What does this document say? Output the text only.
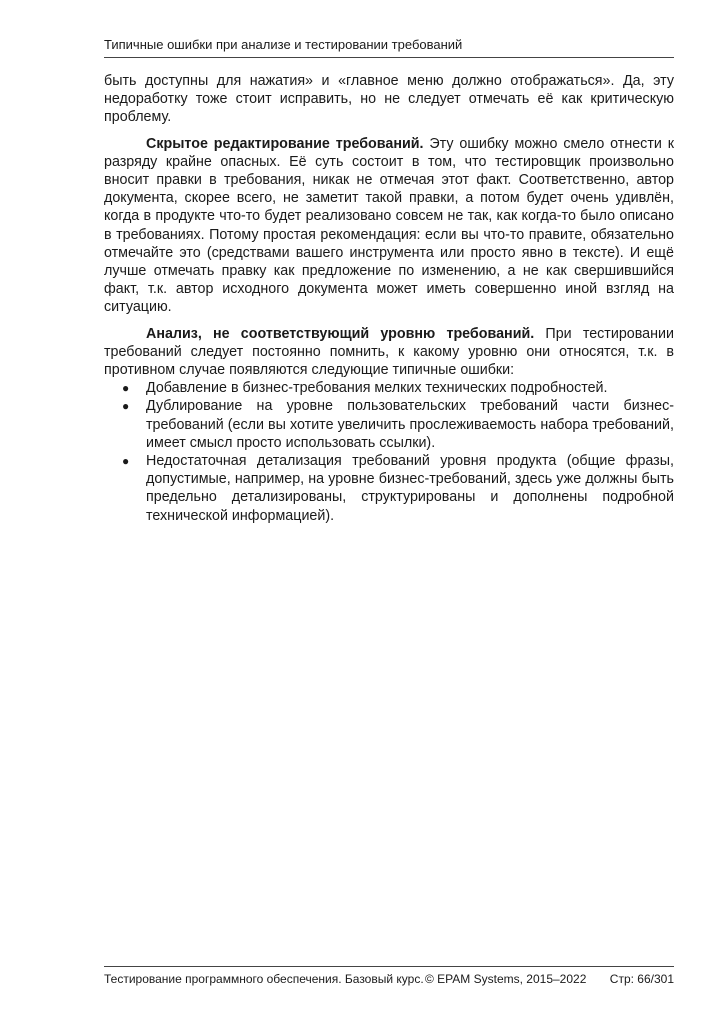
Типичные ошибки при анализе и тестировании требований

быть доступны для нажатия» и «главное меню должно отображаться». Да, эту недоработку тоже стоит исправить, но не следует отмечать её как критическую проблему.

Скрытое редактирование требований. Эту ошибку можно смело отнести к разряду крайне опасных. Её суть состоит в том, что тестировщик произвольно вносит правки в требования, никак не отмечая этот факт. Соответственно, автор документа, скорее всего, не заметит такой правки, а потом будет очень удивлён, когда в продукте что-то будет реализовано совсем не так, как когда-то было описано в требованиях. Потому простая рекомендация: если вы что-то правите, обязательно отмечайте это (средствами вашего инструмента или просто явно в тексте). И ещё лучше отмечать правку как предложение по изменению, а не как свершившийся факт, т.к. автор исходного документа может иметь совершенно иной взгляд на ситуацию.

Анализ, не соответствующий уровню требований. При тестировании требований следует постоянно помнить, к какому уровню они относятся, т.к. в противном случае появляются следующие типичные ошибки:

● Добавление в бизнес-требования мелких технических подробностей.
● Дублирование на уровне пользовательских требований части бизнес-требований (если вы хотите увеличить прослеживаемость набора требований, имеет смысл просто использовать ссылки).
● Недостаточная детализация требований уровня продукта (общие фразы, допустимые, например, на уровне бизнес-требований, здесь уже должны быть предельно детализированы, структурированы и дополнены подробной технической информацией).
Тестирование программного обеспечения. Базовый курс. © EPAM Systems, 2015–2022 Стр: 66/301
